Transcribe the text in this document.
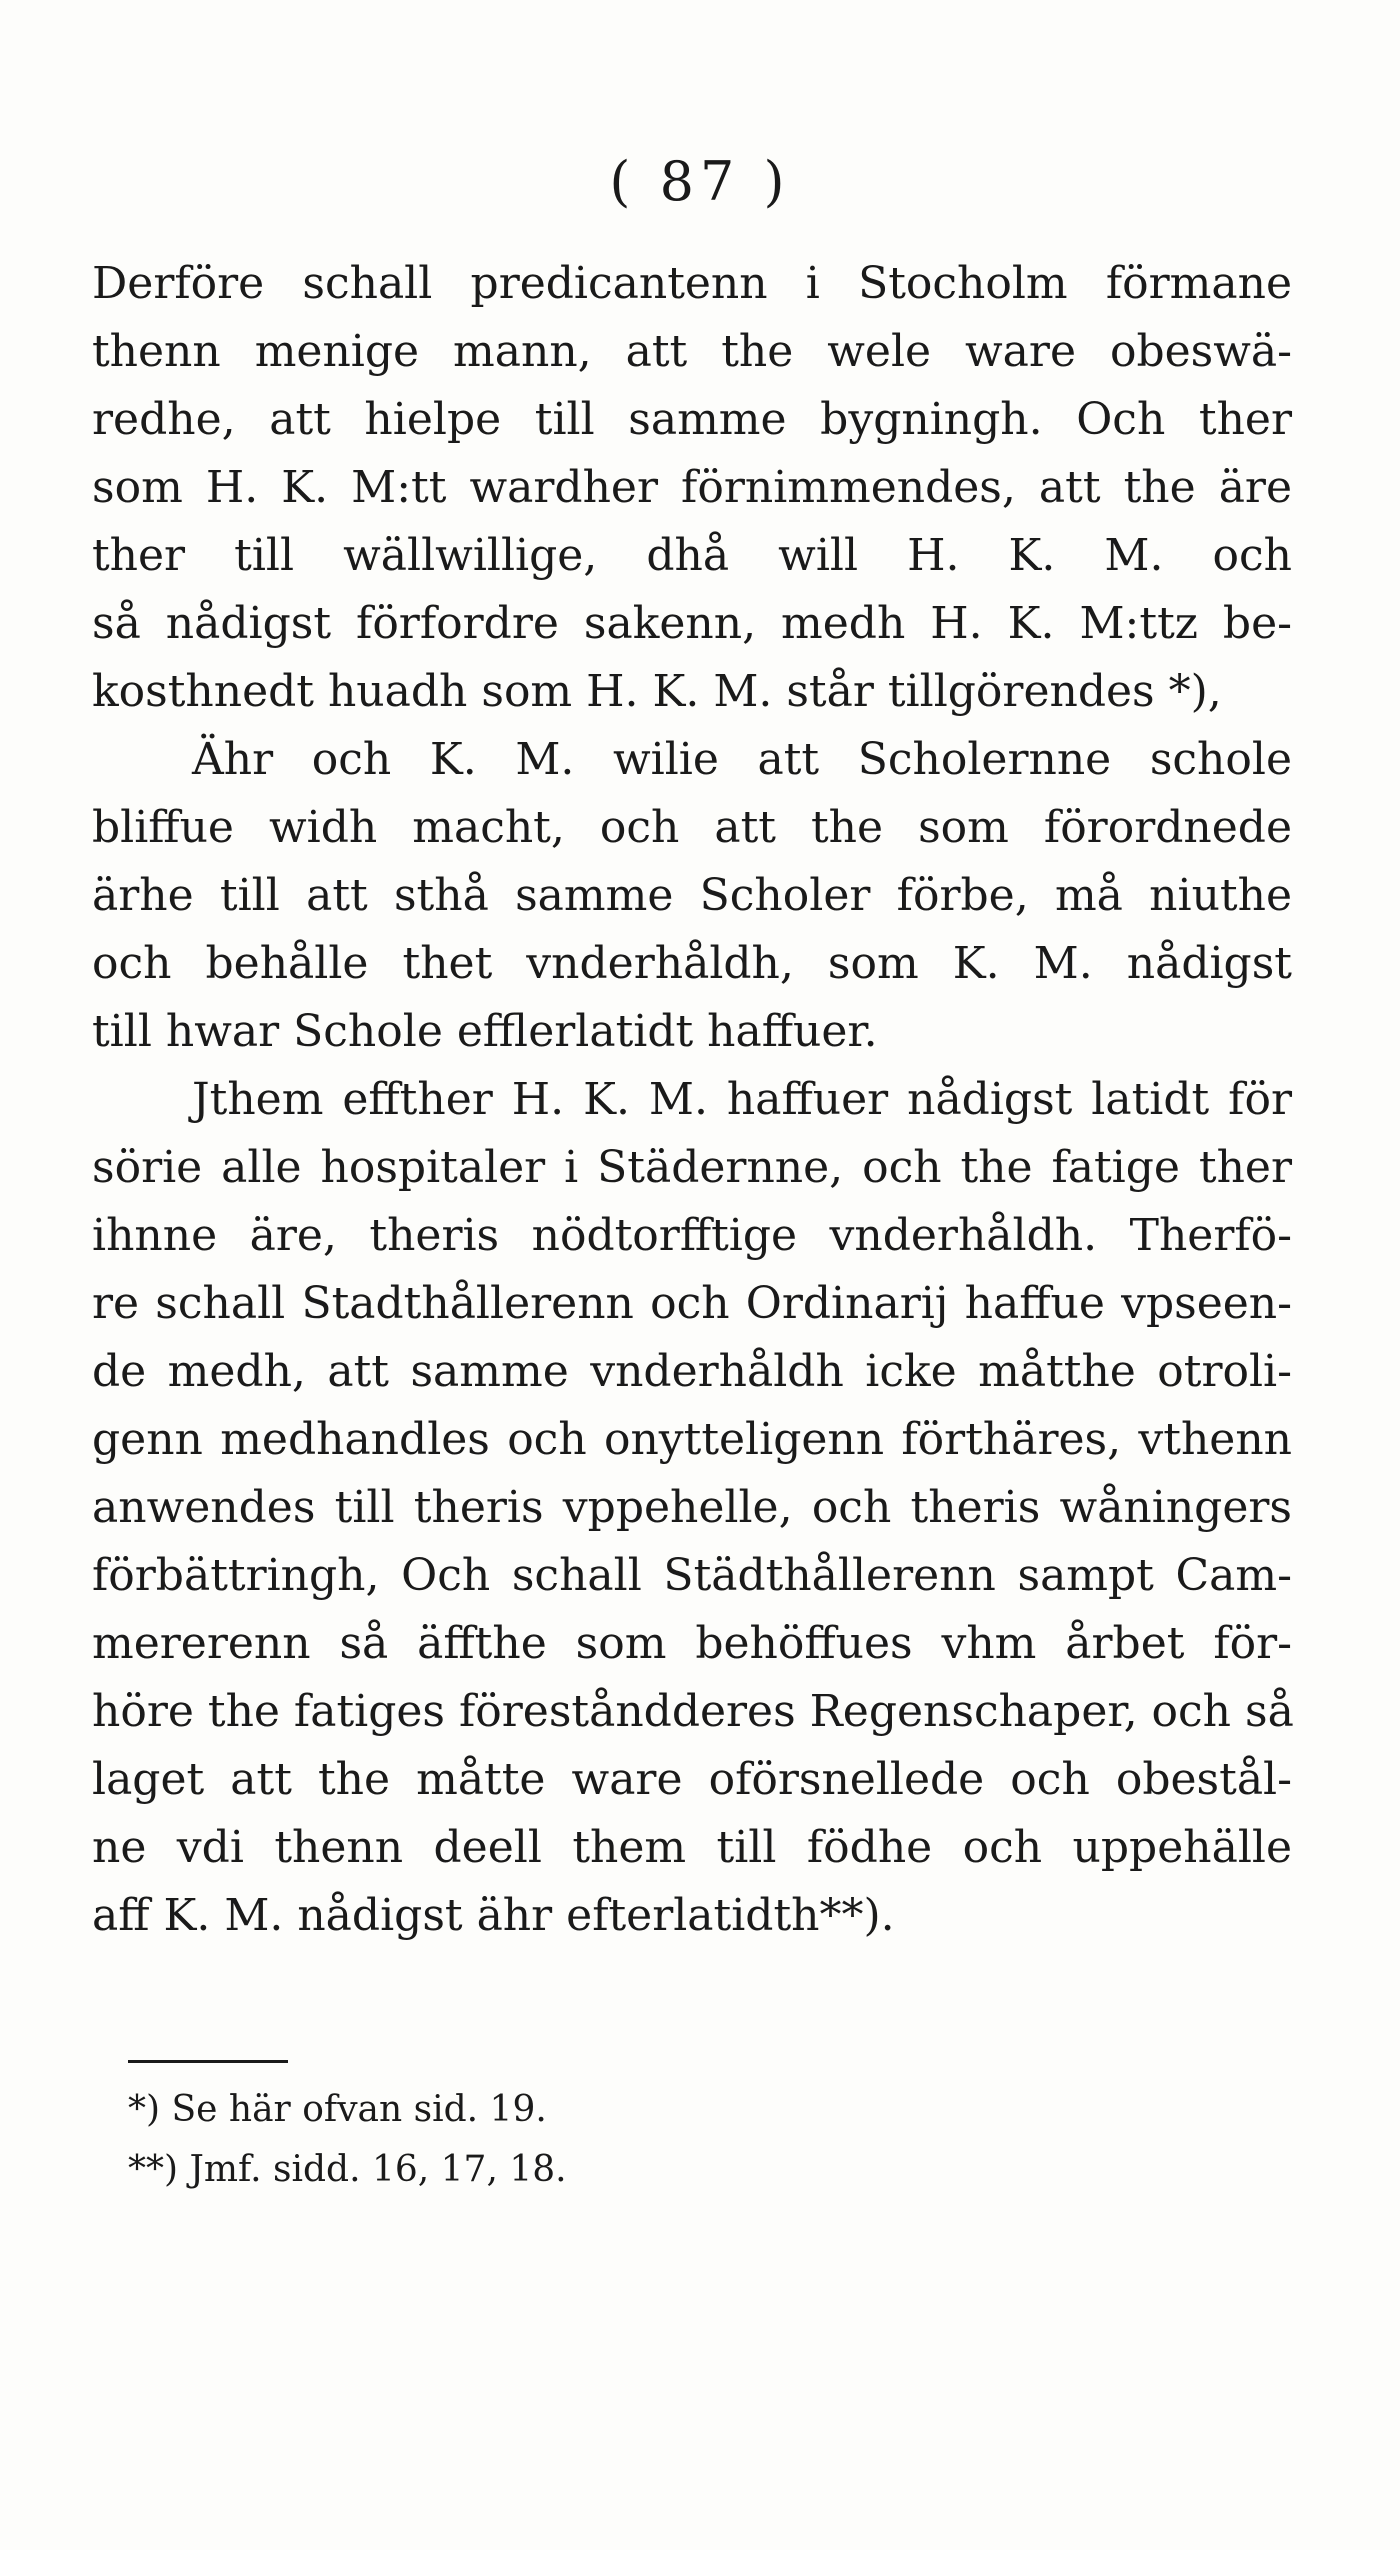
( 87 )
Derföre schall predicantenn i Stocholm förmane
thenn menige mann, att the wele ware obeswä-
redhe, att hielpe till samme bygningh. Och ther
som H. K. M:tt wardher förnimmendes, att the äre
ther till wällwillige, dhå will H. K. M. och
så nådigst förfordre sakenn, medh H. K. M:ttz be-
kosthnedt huadh som H. K. M. står tillgörendes *),
Ähr och K. M. wilie att Scholernne schole
bliffue widh macht, och att the som förordnede
ärhe till att sthå samme Scholer förbe, må niuthe
och behålle thet vnderhåldh, som K. M. nådigst
till hwar Schole efflerlatidt haffuer.
Jthem effther H. K. M. haffuer nådigst latidt för
sörie alle hospitaler i Städernne, och the fatige ther
ihnne äre, theris nödtorfftige vnderhåldh. Therfö-
re schall Stadthållerenn och Ordinarij haffue vpseen-
de medh, att samme vnderhåldh icke måtthe otroli-
genn medhandles och onytteligenn förthäres, vthenn
anwendes till theris vppehelle, och theris wåningers
förbättringh, Och schall Städthållerenn sampt Cam-
mererenn så äffthe som behöffues vhm årbet för-
höre the fatiges föreståndderes Regenschaper, och så
laget att the måtte ware oförsnellede och obestål-
ne vdi thenn deell them till födhe och uppehälle
aff K. M. nådigst ähr efterlatidth**).
*) Se här ofvan sid. 19.
**) Jmf. sidd. 16, 17, 18.
